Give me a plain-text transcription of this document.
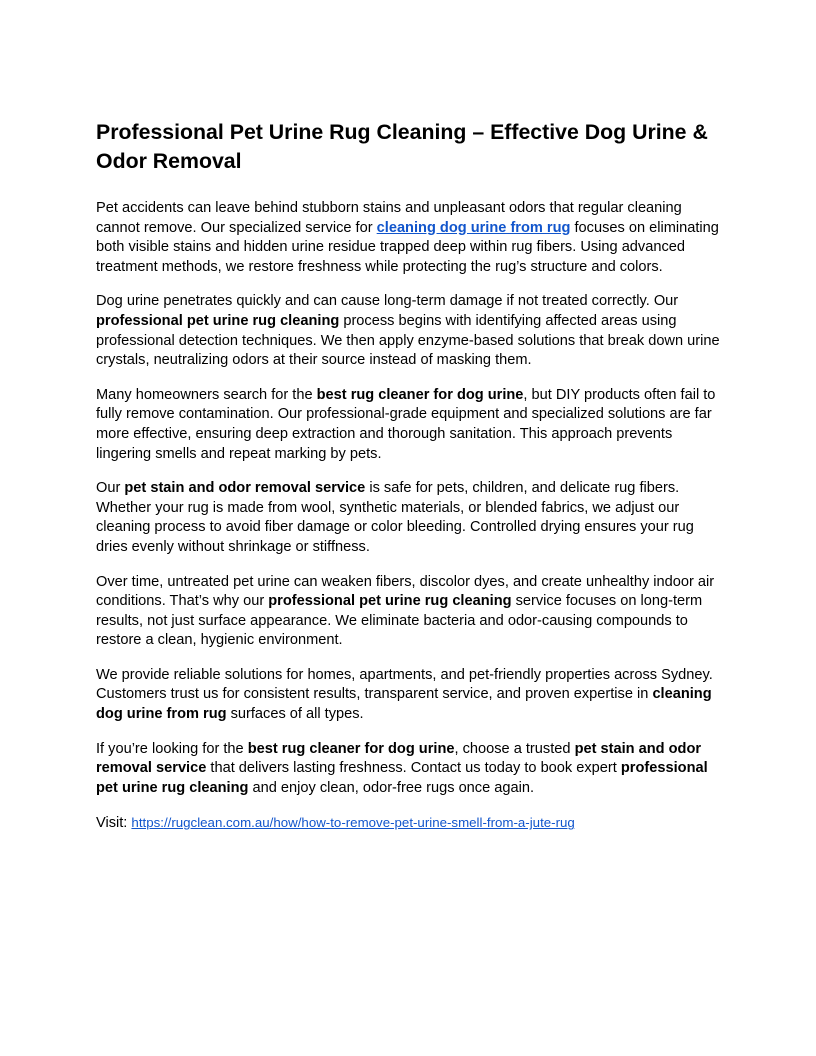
Professional Pet Urine Rug Cleaning – Effective Dog Urine & Odor Removal

Pet accidents can leave behind stubborn stains and unpleasant odors that regular cleaning cannot remove. Our specialized service for cleaning dog urine from rug focuses on eliminating both visible stains and hidden urine residue trapped deep within rug fibers. Using advanced treatment methods, we restore freshness while protecting the rug’s structure and colors.

Dog urine penetrates quickly and can cause long-term damage if not treated correctly. Our professional pet urine rug cleaning process begins with identifying affected areas using professional detection techniques. We then apply enzyme-based solutions that break down urine crystals, neutralizing odors at their source instead of masking them.

Many homeowners search for the best rug cleaner for dog urine, but DIY products often fail to fully remove contamination. Our professional-grade equipment and specialized solutions are far more effective, ensuring deep extraction and thorough sanitation. This approach prevents lingering smells and repeat marking by pets.

Our pet stain and odor removal service is safe for pets, children, and delicate rug fibers. Whether your rug is made from wool, synthetic materials, or blended fabrics, we adjust our cleaning process to avoid fiber damage or color bleeding. Controlled drying ensures your rug dries evenly without shrinkage or stiffness.

Over time, untreated pet urine can weaken fibers, discolor dyes, and create unhealthy indoor air conditions. That’s why our professional pet urine rug cleaning service focuses on long-term results, not just surface appearance. We eliminate bacteria and odor-causing compounds to restore a clean, hygienic environment.

We provide reliable solutions for homes, apartments, and pet-friendly properties across Sydney. Customers trust us for consistent results, transparent service, and proven expertise in cleaning dog urine from rug surfaces of all types.

If you’re looking for the best rug cleaner for dog urine, choose a trusted pet stain and odor removal service that delivers lasting freshness. Contact us today to book expert professional pet urine rug cleaning and enjoy clean, odor-free rugs once again.

Visit: https://rugclean.com.au/how/how-to-remove-pet-urine-smell-from-a-jute-rug
